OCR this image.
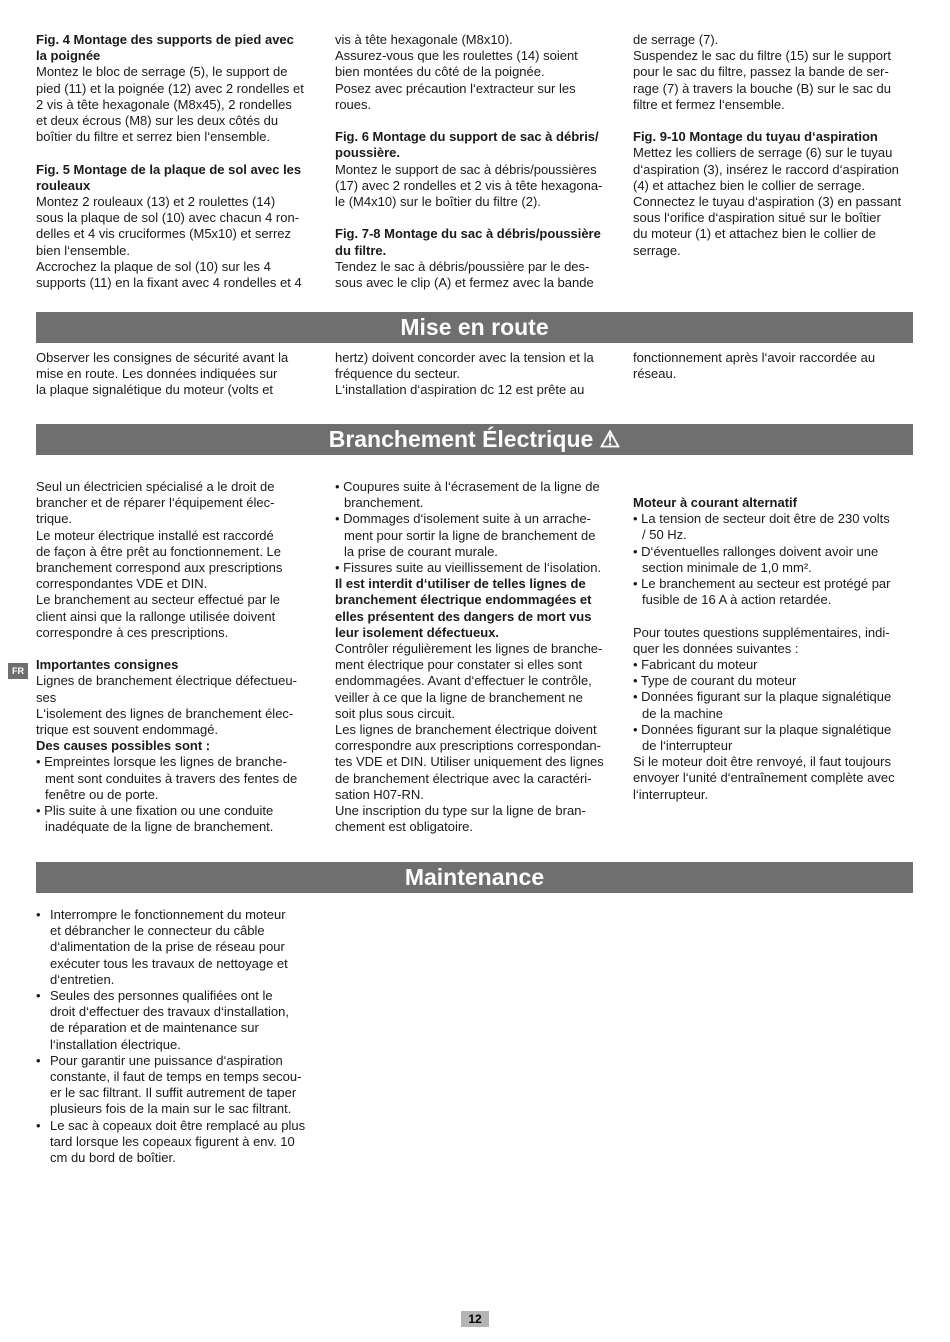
Fig. 4 Montage des supports de pied avec
la poignée
Montez le bloc de serrage (5), le support de
pied (11) et la poignée (12) avec 2 rondelles et
2 vis à tête hexagonale (M8x45), 2 rondelles
et deux écrous (M8) sur les deux côtés du
boîtier du filtre et serrez bien l‘ensemble.
Fig. 5 Montage de la plaque de sol avec les
rouleaux
Montez 2 rouleaux (13) et 2 roulettes (14)
sous la plaque de sol (10) avec chacun 4 ron-
delles et 4 vis cruciformes (M5x10) et serrez
bien l‘ensemble.
Accrochez la plaque de sol (10) sur les 4
supports (11) en la fixant avec 4 rondelles et 4
vis à tête hexagonale (M8x10).
Assurez-vous que les roulettes (14) soient
bien montées du côté de la poignée.
Posez avec précaution l‘extracteur sur les
roues.
Fig. 6 Montage du support de sac à débris/
poussière.
Montez le support de sac à débris/poussières
(17) avec 2 rondelles et 2 vis à tête hexagona-
le (M4x10) sur le boîtier du filtre (2).
Fig. 7-8 Montage du sac à débris/poussière
du filtre.
Tendez le sac à débris/poussière par le des-
sous avec le clip (A) et fermez avec la bande
de serrage (7).
Suspendez le sac du filtre (15) sur le support
pour le sac du filtre, passez la bande de ser-
rage (7) à travers la bouche (B) sur le sac du
filtre et fermez l‘ensemble.
Fig. 9-10 Montage du tuyau d‘aspiration
Mettez les colliers de serrage (6) sur le tuyau
d‘aspiration (3), insérez le raccord d‘aspiration
(4) et attachez bien le collier de serrage.
Connectez le tuyau d‘aspiration (3) en passant
sous l‘orifice d‘aspiration situé sur le boîtier
du moteur (1) et attachez bien le collier de
serrage.
Mise en route
Observer les consignes de sécurité avant la
mise en route. Les données indiquées sur
la plaque signalétique du moteur (volts et
hertz) doivent concorder avec la tension et la
fréquence du secteur.
L‘installation d‘aspiration dc 12 est prête au
fonctionnement après l‘avoir raccordée au
réseau.
Branchement Électrique ⚠
Seul un électricien spécialisé a le droit de
brancher et de réparer l‘équipement élec-
trique.
Le moteur électrique installé est raccordé
de façon à être prêt au fonctionnement. Le
branchement correspond aux prescriptions
correspondantes VDE et DIN.
Le branchement au secteur effectué par le
client ainsi que la rallonge utilisée doivent
correspondre à ces prescriptions.
Importantes consignes
Lignes de branchement électrique défectueu-
ses
L‘isolement des lignes de branchement élec-
trique est souvent endommagé.
Des causes possibles sont :
• Empreintes lorsque les lignes de branche-
ment sont conduites à travers des fentes de
fenêtre ou de porte.
• Plis suite à une fixation ou une conduite
inadéquate de la ligne de branchement.
• Coupures suite à l‘écrasement de la ligne de
branchement.
• Dommages d‘isolement suite à un arrache-
ment pour sortir la ligne de branchement de
la prise de courant murale.
• Fissures suite au vieillissement de l‘isolation.
Il est interdit d‘utiliser de telles lignes de
branchement électrique endommagées et
elles présentent des dangers de mort vus
leur isolement défectueux.
Contrôler régulièrement les lignes de branche-
ment électrique pour constater si elles sont
endommagées. Avant d‘effectuer le contrôle,
veiller à ce que la ligne de branchement ne
soit plus sous circuit.
Les lignes de branchement électrique doivent
correspondre aux prescriptions correspondan-
tes VDE et DIN. Utiliser uniquement des lignes
de branchement électrique avec la caractéri-
sation H07-RN.
Une inscription du type sur la ligne de bran-
chement est obligatoire.
Moteur à courant alternatif
• La tension de secteur doit être de 230 volts
/ 50 Hz.
• D‘éventuelles rallonges doivent avoir une
section minimale de 1,0 mm².
• Le branchement au secteur est protégé par
fusible de 16 A à action retardée.
Pour toutes questions supplémentaires, indi-
quer les données suivantes :
• Fabricant du moteur
• Type de courant du moteur
• Données figurant sur la plaque signalétique
de la machine
• Données figurant sur la plaque signalétique
de l‘interrupteur
Si le moteur doit être renvoyé, il faut toujours
envoyer l‘unité d‘entraînement complète avec
l‘interrupteur.
FR
Maintenance
• Interrompre le fonctionnement du moteur
et débrancher le connecteur du câble
d‘alimentation de la prise de réseau pour
exécuter tous les travaux de nettoyage et
d‘entretien.
• Seules des personnes qualifiées ont le
droit d‘effectuer des travaux d‘installation,
de réparation et de maintenance sur
l‘installation électrique.
• Pour garantir une puissance d‘aspiration
constante, il faut de temps en temps secou-
er le sac filtrant. Il suffit autrement de taper
plusieurs fois de la main sur le sac filtrant.
• Le sac à copeaux doit être remplacé au plus
tard lorsque les copeaux figurent à env. 10
cm du bord de boîtier.
12
